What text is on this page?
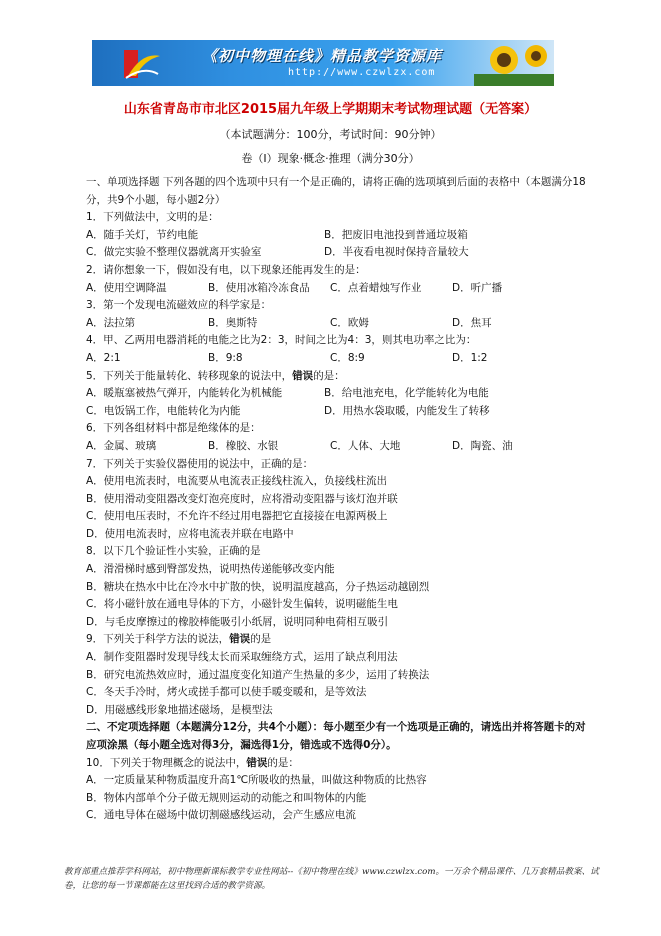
《初中物理在线》精品教学资源库
http://www.czwlzx.com
山东省青岛市市北区2015届九年级上学期期末考试物理试题（无答案）
（本试题满分：100分，考试时间：90分钟）
卷（Ⅰ）现象·概念·推理（满分30分）
一、单项选择题 下列各题的四个选项中只有一个是正确的，请将正确的选项填到后面的表格中（本题满分18分，共9个小题，每小题2分）
1．下列做法中，文明的是：
A．随手关灯，节约电能	B．把废旧电池投到普通垃圾箱
C．做完实验不整理仪器就离开实验室	D．半夜看电视时保持音量较大
2．请你想象一下，假如没有电，以下现象还能再发生的是：
A．使用空调降温	B．使用冰箱冷冻食品	C．点着蜡烛写作业	D．听广播
3．第一个发现电流磁效应的科学家是：
A．法拉第	B．奥斯特	C．欧姆	D．焦耳
4．甲、乙两用电器消耗的电能之比为2：3，时间之比为4：3，则其电功率之比为：
A．2:1	B．9:8	C．8:9	D．1:2
5．下列关于能量转化、转移现象的说法中，错误的是：
A．暖瓶塞被热气弹开，内能转化为机械能	B．给电池充电，化学能转化为电能
C．电饭锅工作，电能转化为内能	D．用热水袋取暖，内能发生了转移
6．下列各组材料中都是绝缘体的是：
A．金属、玻璃	B．橡胶、水银	C．人体、大地	D．陶瓷、油
7．下列关于实验仪器使用的说法中，正确的是：
A．使用电流表时，电流要从电流表正接线柱流入，负接线柱流出
B．使用滑动变阻器改变灯泡亮度时，应将滑动变阻器与该灯泡并联
C．使用电压表时，不允许不经过用电器把它直接接在电源两极上
D．使用电流表时，应将电流表并联在电路中
8．以下几个验证性小实验，正确的是
A．滑滑梯时感到臀部发热，说明热传递能够改变内能
B．糖块在热水中比在冷水中扩散的快，说明温度越高，分子热运动越剧烈
C．将小磁针放在通电导体的下方，小磁针发生偏转，说明磁能生电
D．与毛皮摩擦过的橡胶棒能吸引小纸屑，说明同种电荷相互吸引
9．下列关于科学方法的说法，错误的是
A．制作变阻器时发现导线太长而采取缠绕方式，运用了缺点利用法
B．研究电流热效应时，通过温度变化知道产生热量的多少，运用了转换法
C．冬天手冷时，烤火或搓手都可以使手暖变暖和，是等效法
D．用磁感线形象地描述磁场，是模型法
二、不定项选择题（本题满分12分，共4个小题）：每小题至少有一个选项是正确的，请选出并将答题卡的对应项涂黑（每小题全选对得3分，漏选得1分，错选或不选得0分）。
10．下列关于物理概念的说法中，错误的是：
A．一定质量某种物质温度升高1℃所吸收的热量，叫做这种物质的比热容
B．物体内部单个分子做无规则运动的动能之和叫物体的内能
C．通电导体在磁场中做切割磁感线运动，会产生感应电流
教育部重点推荐学科网站，初中物理新课标教学专业性网站--《初中物理在线》www.czwlzx.com。一万余个精品课件、几万套精品教案、试卷，让您的每一节课都能在这里找到合适的教学资源。
